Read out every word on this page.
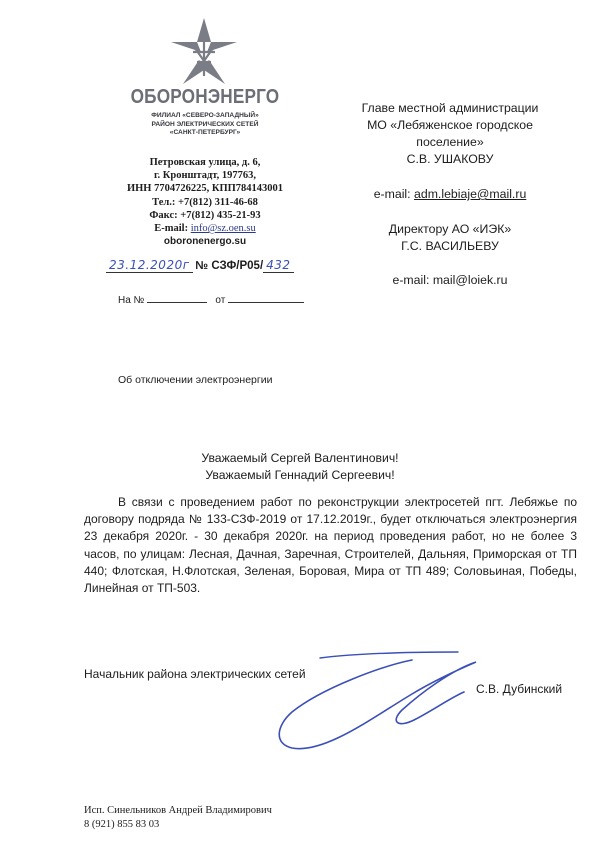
ОБОРОНЭНЕРГО
ФИЛИАЛ «СЕВЕРО-ЗАПАДНЫЙ»
РАЙОН ЭЛЕКТРИЧЕСКИХ СЕТЕЙ
«САНКТ-ПЕТЕРБУРГ»
Петровская улица, д. 6,
г. Кронштадт, 197763,
ИНН 7704726225, КПП784143001
Тел.: +7(812) 311-46-68
Факс: +7(812) 435-21-93
E-mail: info@sz.oen.su
oboronenergo.su
23.12.2020г № СЗФ/Р05/ 432
На №	от
Об отключении электроэнергии
Главе местной администрации
МО «Лебяженское городское
поселение»
С.В. УШАКОВУ
e-mail: adm.lebiaje@mail.ru
Директору АО «ИЭК»
Г.С. ВАСИЛЬЕВУ
e-mail: mail@loiek.ru
Уважаемый Сергей Валентинович!
Уважаемый Геннадий Сергеевич!
В связи с проведением работ по реконструкции электросетей пгт. Лебяжье по договору подряда № 133-СЗФ-2019 от 17.12.2019г., будет отключаться электроэнергия 23 декабря 2020г. - 30 декабря 2020г. на период проведения работ, но не более 3 часов, по улицам: Лесная, Дачная, Заречная, Строителей, Дальняя, Приморская от ТП 440; Флотская, Н.Флотская, Зеленая, Боровая, Мира от ТП 489; Соловьиная, Победы, Линейная от ТП-503.
Начальник района электрических сетей
С.В. Дубинский
Исп. Синельников Андрей Владимирович
8 (921) 855 83 03
